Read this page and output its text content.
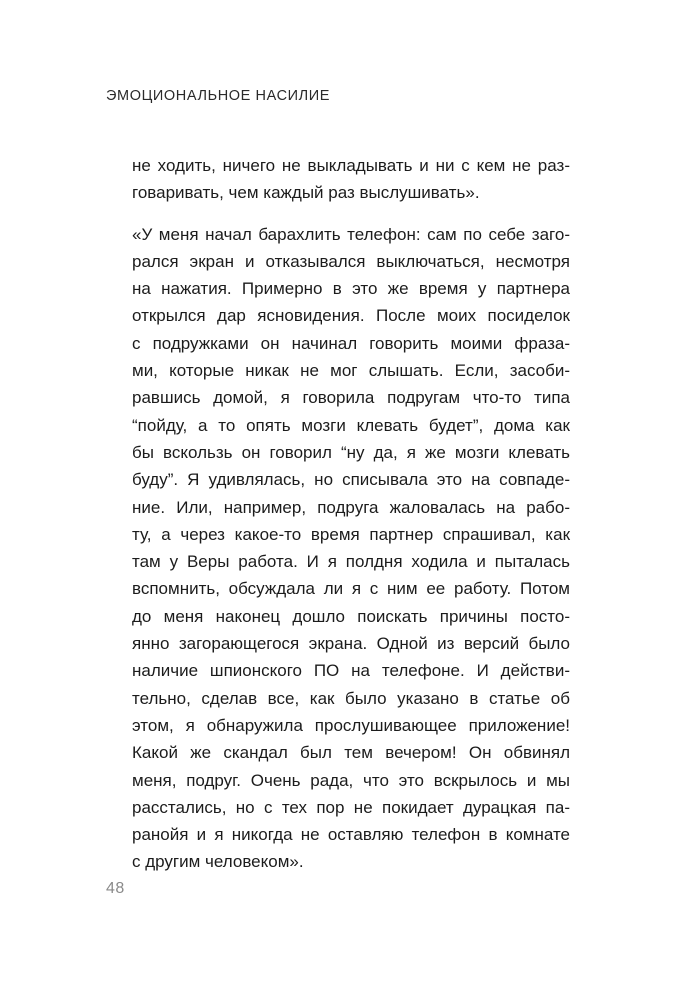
ЭМОЦИОНАЛЬНОЕ НАСИЛИЕ
не ходить, ничего не выкладывать и ни с кем не раз-
говаривать, чем каждый раз выслушивать».
«У меня начал барахлить телефон: сам по себе заго-
рался экран и отказывался выключаться, несмотря
на нажатия. Примерно в это же время у партнера
открылся дар ясновидения. После моих посиделок
с подружками он начинал говорить моими фраза-
ми, которые никак не мог слышать. Если, засоби-
равшись домой, я говорила подругам что-то типа
“пойду, а то опять мозги клевать будет”, дома как
бы вскользь он говорил “ну да, я же мозги клевать
буду”. Я удивлялась, но списывала это на совпаде-
ние. Или, например, подруга жаловалась на рабо-
ту, а через какое-то время партнер спрашивал, как
там у Веры работа. И я полдня ходила и пыталась
вспомнить, обсуждала ли я с ним ее работу. Потом
до меня наконец дошло поискать причины посто-
янно загорающегося экрана. Одной из версий было
наличие шпионского ПО на телефоне. И действи-
тельно, сделав все, как было указано в статье об
этом, я обнаружила прослушивающее приложение!
Какой же скандал был тем вечером! Он обвинял
меня, подруг. Очень рада, что это вскрылось и мы
расстались, но с тех пор не покидает дурацкая па-
ранойя и я никогда не оставляю телефон в комнате
с другим человеком».
48
